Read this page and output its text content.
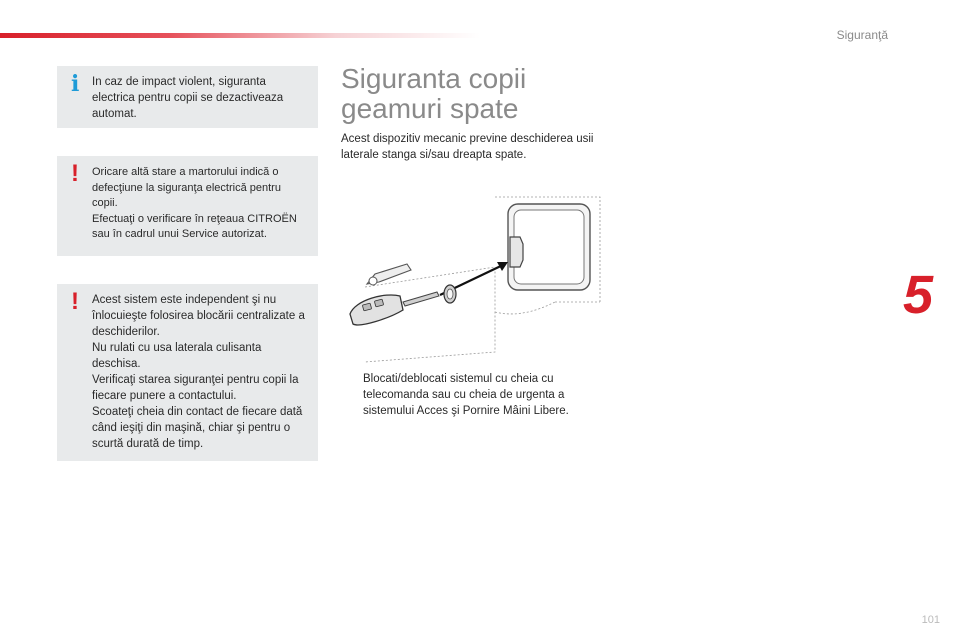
Siguranţă
5
101
i In caz de impact violent, siguranta electrica pentru copii se dezactiveaza automat.

! Oricare altă stare a martorului indică o defecţiune la siguranţa electrică pentru copii.

Efectuaţi o verificare în reţeaua CITROËN sau în cadrul unui Service autorizat.

! Acest sistem este independent şi nu înlocuieşte folosirea blocării centralizate a deschiderilor.

Nu rulati cu usa laterala culisanta deschisa.

Verificaţi starea siguranţei pentru copii la fiecare punere a contactului.

Scoateţi cheia din contact de fiecare dată când ieşiţi din maşină, chiar şi pentru o scurtă durată de timp.

Siguranta copii
geamuri spate

Acest dispozitiv mecanic previne deschiderea usii laterale stanga si/sau dreapta spate.

Blocati/deblocati sistemul cu cheia cu telecomanda sau cu cheia de urgenta a sistemului Acces şi Pornire Mâini Libere.
